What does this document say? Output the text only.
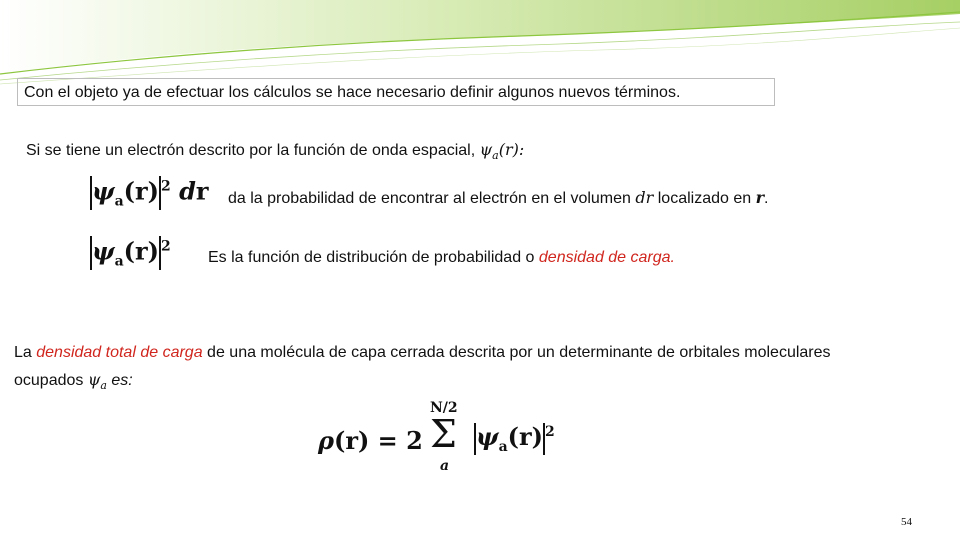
Con el objeto ya de efectuar los cálculos se hace necesario definir algunos nuevos términos.
Si se tiene un electrón descrito por la función de onda espacial, $\psi_a(r)$:
$\psi_a(r)$ $^2$ dr da la probabilidad de encontrar al electrón en el volumen dr localizado en r.
$\psi_a(r)$ $^2$
Es la función de distribución de probabilidad o densidad de carga.
La densidad total de carga de una molécula de capa cerrada descrita por un determinante de orbitales moleculares
ocupados $\psi_a$ es:
ρ(r) = 2
N/2
Σ
a
$\psi_a(r)$ $^2$
54
